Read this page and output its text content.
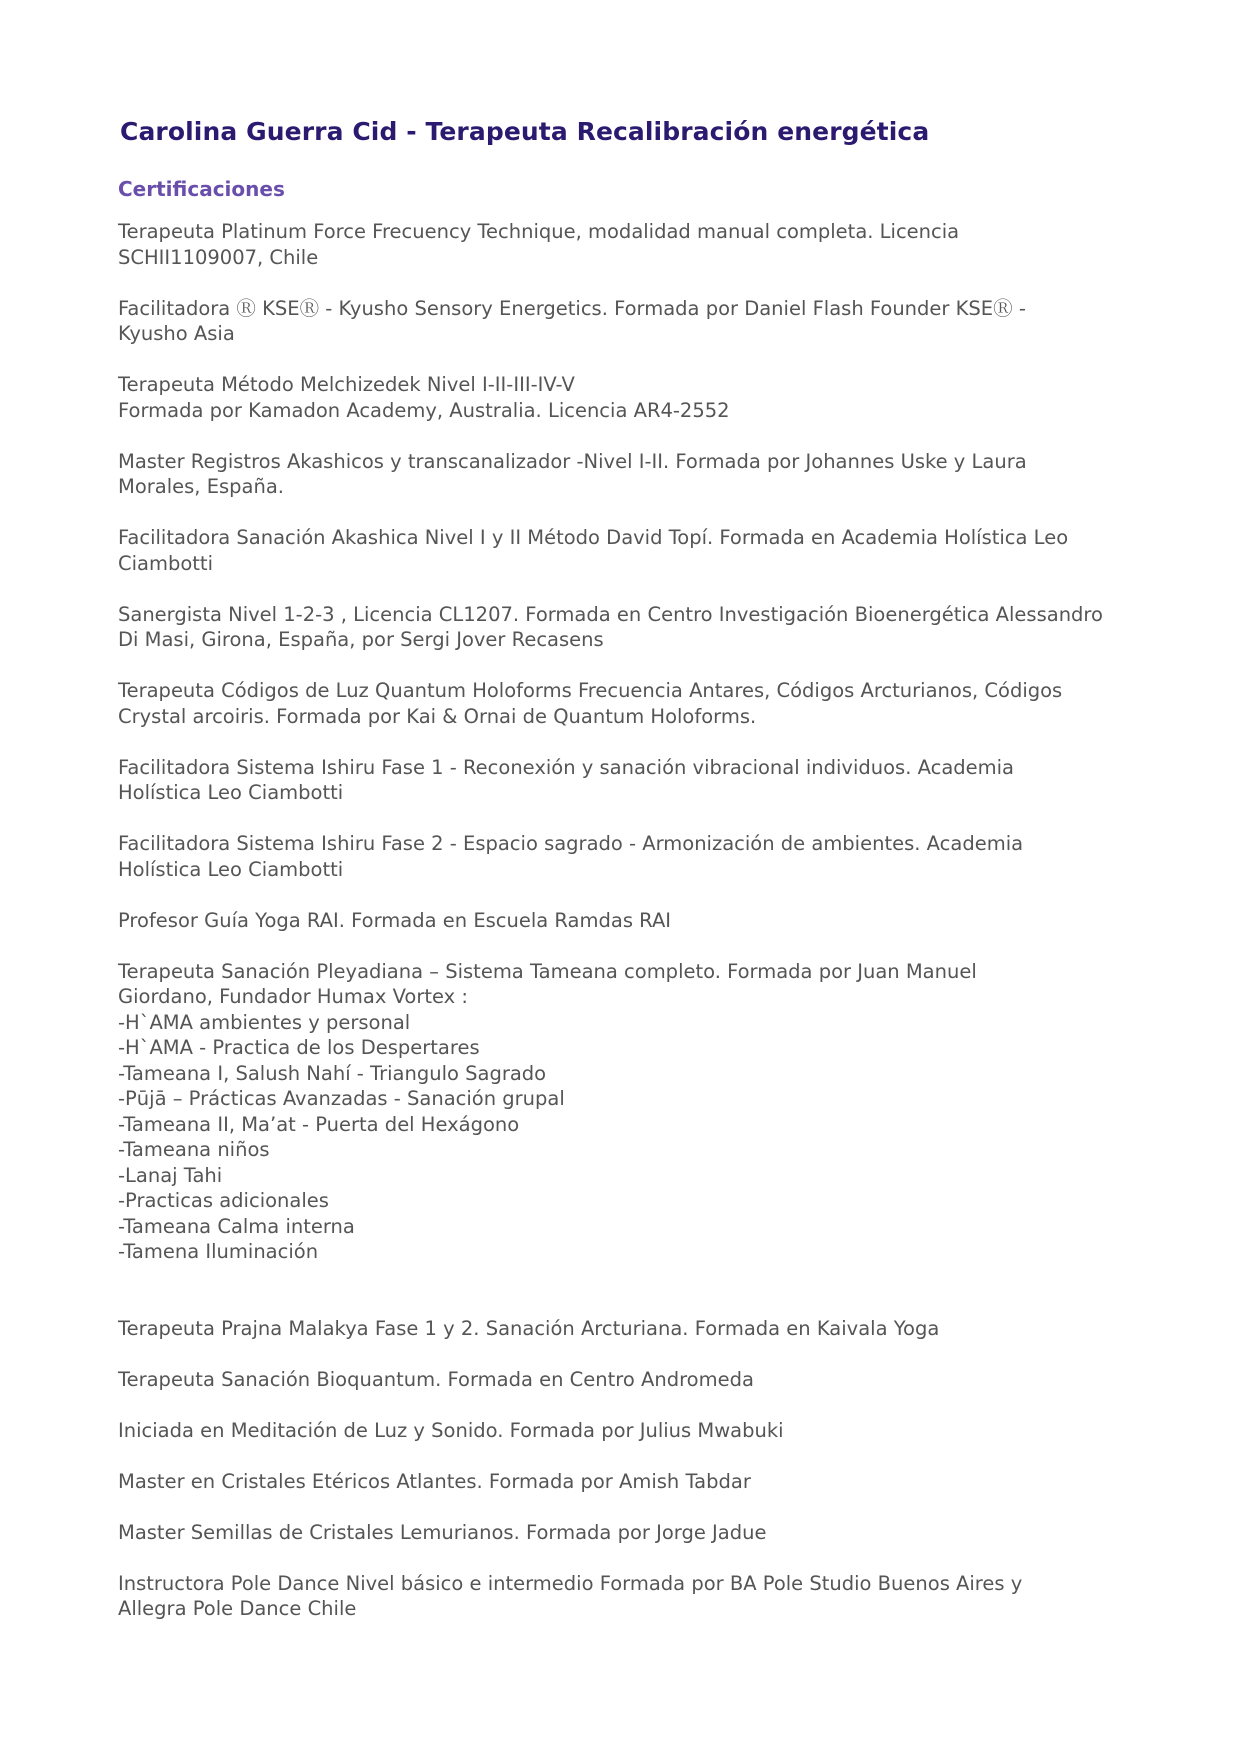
Carolina Guerra Cid - Terapeuta Recalibración energética
Certificaciones
Terapeuta Platinum Force Frecuency Technique, modalidad manual completa. Licencia
SCHII1109007, Chile
Facilitadora Ⓡ KSEⓇ - Kyusho Sensory Energetics. Formada por Daniel Flash Founder KSEⓇ -
Kyusho Asia
Terapeuta Método Melchizedek Nivel I-II-III-IV-V
Formada por Kamadon Academy, Australia. Licencia AR4-2552
Master Registros Akashicos y transcanalizador -Nivel I-II. Formada por Johannes Uske y Laura
Morales, España.
Facilitadora Sanación Akashica Nivel I y II Método David Topí. Formada en Academia Holística Leo
Ciambotti
Sanergista Nivel 1-2-3 , Licencia CL1207. Formada en Centro Investigación Bioenergética Alessandro
Di Masi, Girona, España, por Sergi Jover Recasens
Terapeuta Códigos de Luz Quantum Holoforms Frecuencia Antares, Códigos Arcturianos, Códigos
Crystal arcoiris. Formada por Kai & Ornai de Quantum Holoforms.
Facilitadora Sistema Ishiru Fase 1 - Reconexión y sanación vibracional individuos. Academia
Holística Leo Ciambotti
Facilitadora Sistema Ishiru Fase 2 - Espacio sagrado - Armonización de ambientes. Academia
Holística Leo Ciambotti
Profesor Guía Yoga RAI. Formada en Escuela Ramdas RAI
Terapeuta Sanación Pleyadiana – Sistema Tameana completo. Formada por Juan Manuel
Giordano, Fundador Humax Vortex :
-H`AMA ambientes y personal
-H`AMA - Practica de los Despertares
-Tameana I, Salush Nahí - Triangulo Sagrado
-Pūjā – Prácticas Avanzadas - Sanación grupal
-Tameana II, Ma’at - Puerta del Hexágono
-Tameana niños
-Lanaj Tahi
-Practicas adicionales
-Tameana Calma interna
-Tamena Iluminación
Terapeuta Prajna Malakya Fase 1 y 2. Sanación Arcturiana. Formada en Kaivala Yoga
Terapeuta Sanación Bioquantum. Formada en Centro Andromeda
Iniciada en Meditación de Luz y Sonido. Formada por Julius Mwabuki
Master en Cristales Etéricos Atlantes. Formada por Amish Tabdar
Master Semillas de Cristales Lemurianos. Formada por Jorge Jadue
Instructora Pole Dance Nivel básico e intermedio Formada por BA Pole Studio Buenos Aires y
Allegra Pole Dance Chile
